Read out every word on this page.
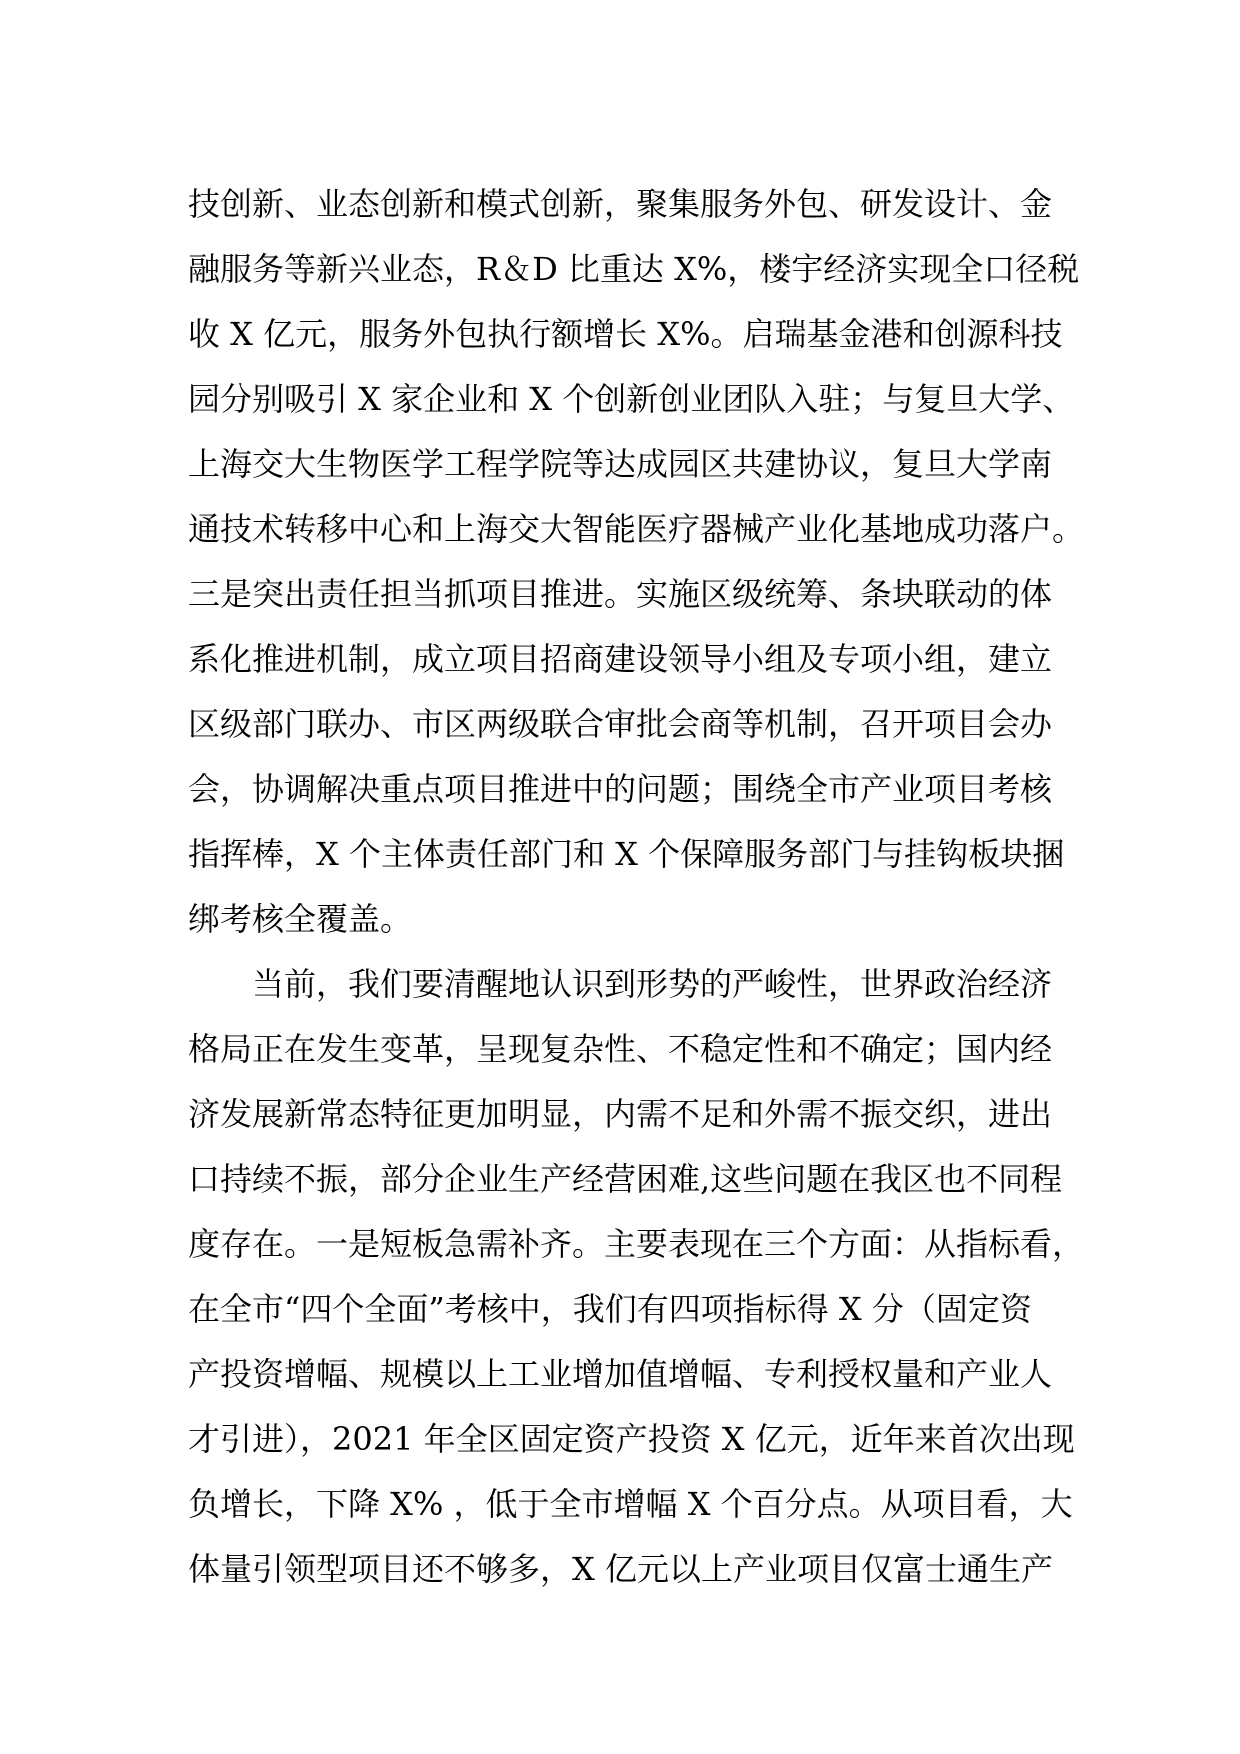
技创新、业态创新和模式创新，聚集服务外包、研发设计、金

融服务等新兴业态，R＆D 比重达 X%，楼宇经济实现全口径税

收 X 亿元，服务外包执行额增长 X%。启瑞基金港和创源科技

园分别吸引 X 家企业和 X 个创新创业团队入驻；与复旦大学、

上海交大生物医学工程学院等达成园区共建协议，复旦大学南

通技术转移中心和上海交大智能医疗器械产业化基地成功落户。

三是突出责任担当抓项目推进。实施区级统筹、条块联动的体

系化推进机制，成立项目招商建设领导小组及专项小组，建立

区级部门联办、市区两级联合审批会商等机制，召开项目会办

会，协调解决重点项目推进中的问题；围绕全市产业项目考核

指挥棒，X 个主体责任部门和 X 个保障服务部门与挂钩板块捆

绑考核全覆盖。

当前，我们要清醒地认识到形势的严峻性，世界政治经济

格局正在发生变革，呈现复杂性、不稳定性和不确定；国内经

济发展新常态特征更加明显，内需不足和外需不振交织，进出

口持续不振，部分企业生产经营困难,这些问题在我区也不同程

度存在。一是短板急需补齐。主要表现在三个方面：从指标看，

在全市“四个全面”考核中，我们有四项指标得 X 分（固定资

产投资增幅、规模以上工业增加值增幅、专利授权量和产业人

才引进），2021 年全区固定资产投资 X 亿元，近年来首次出现

负增长，下降 X% ，低于全市增幅 X 个百分点。从项目看，大

体量引领型项目还不够多，X 亿元以上产业项目仅富士通生产
